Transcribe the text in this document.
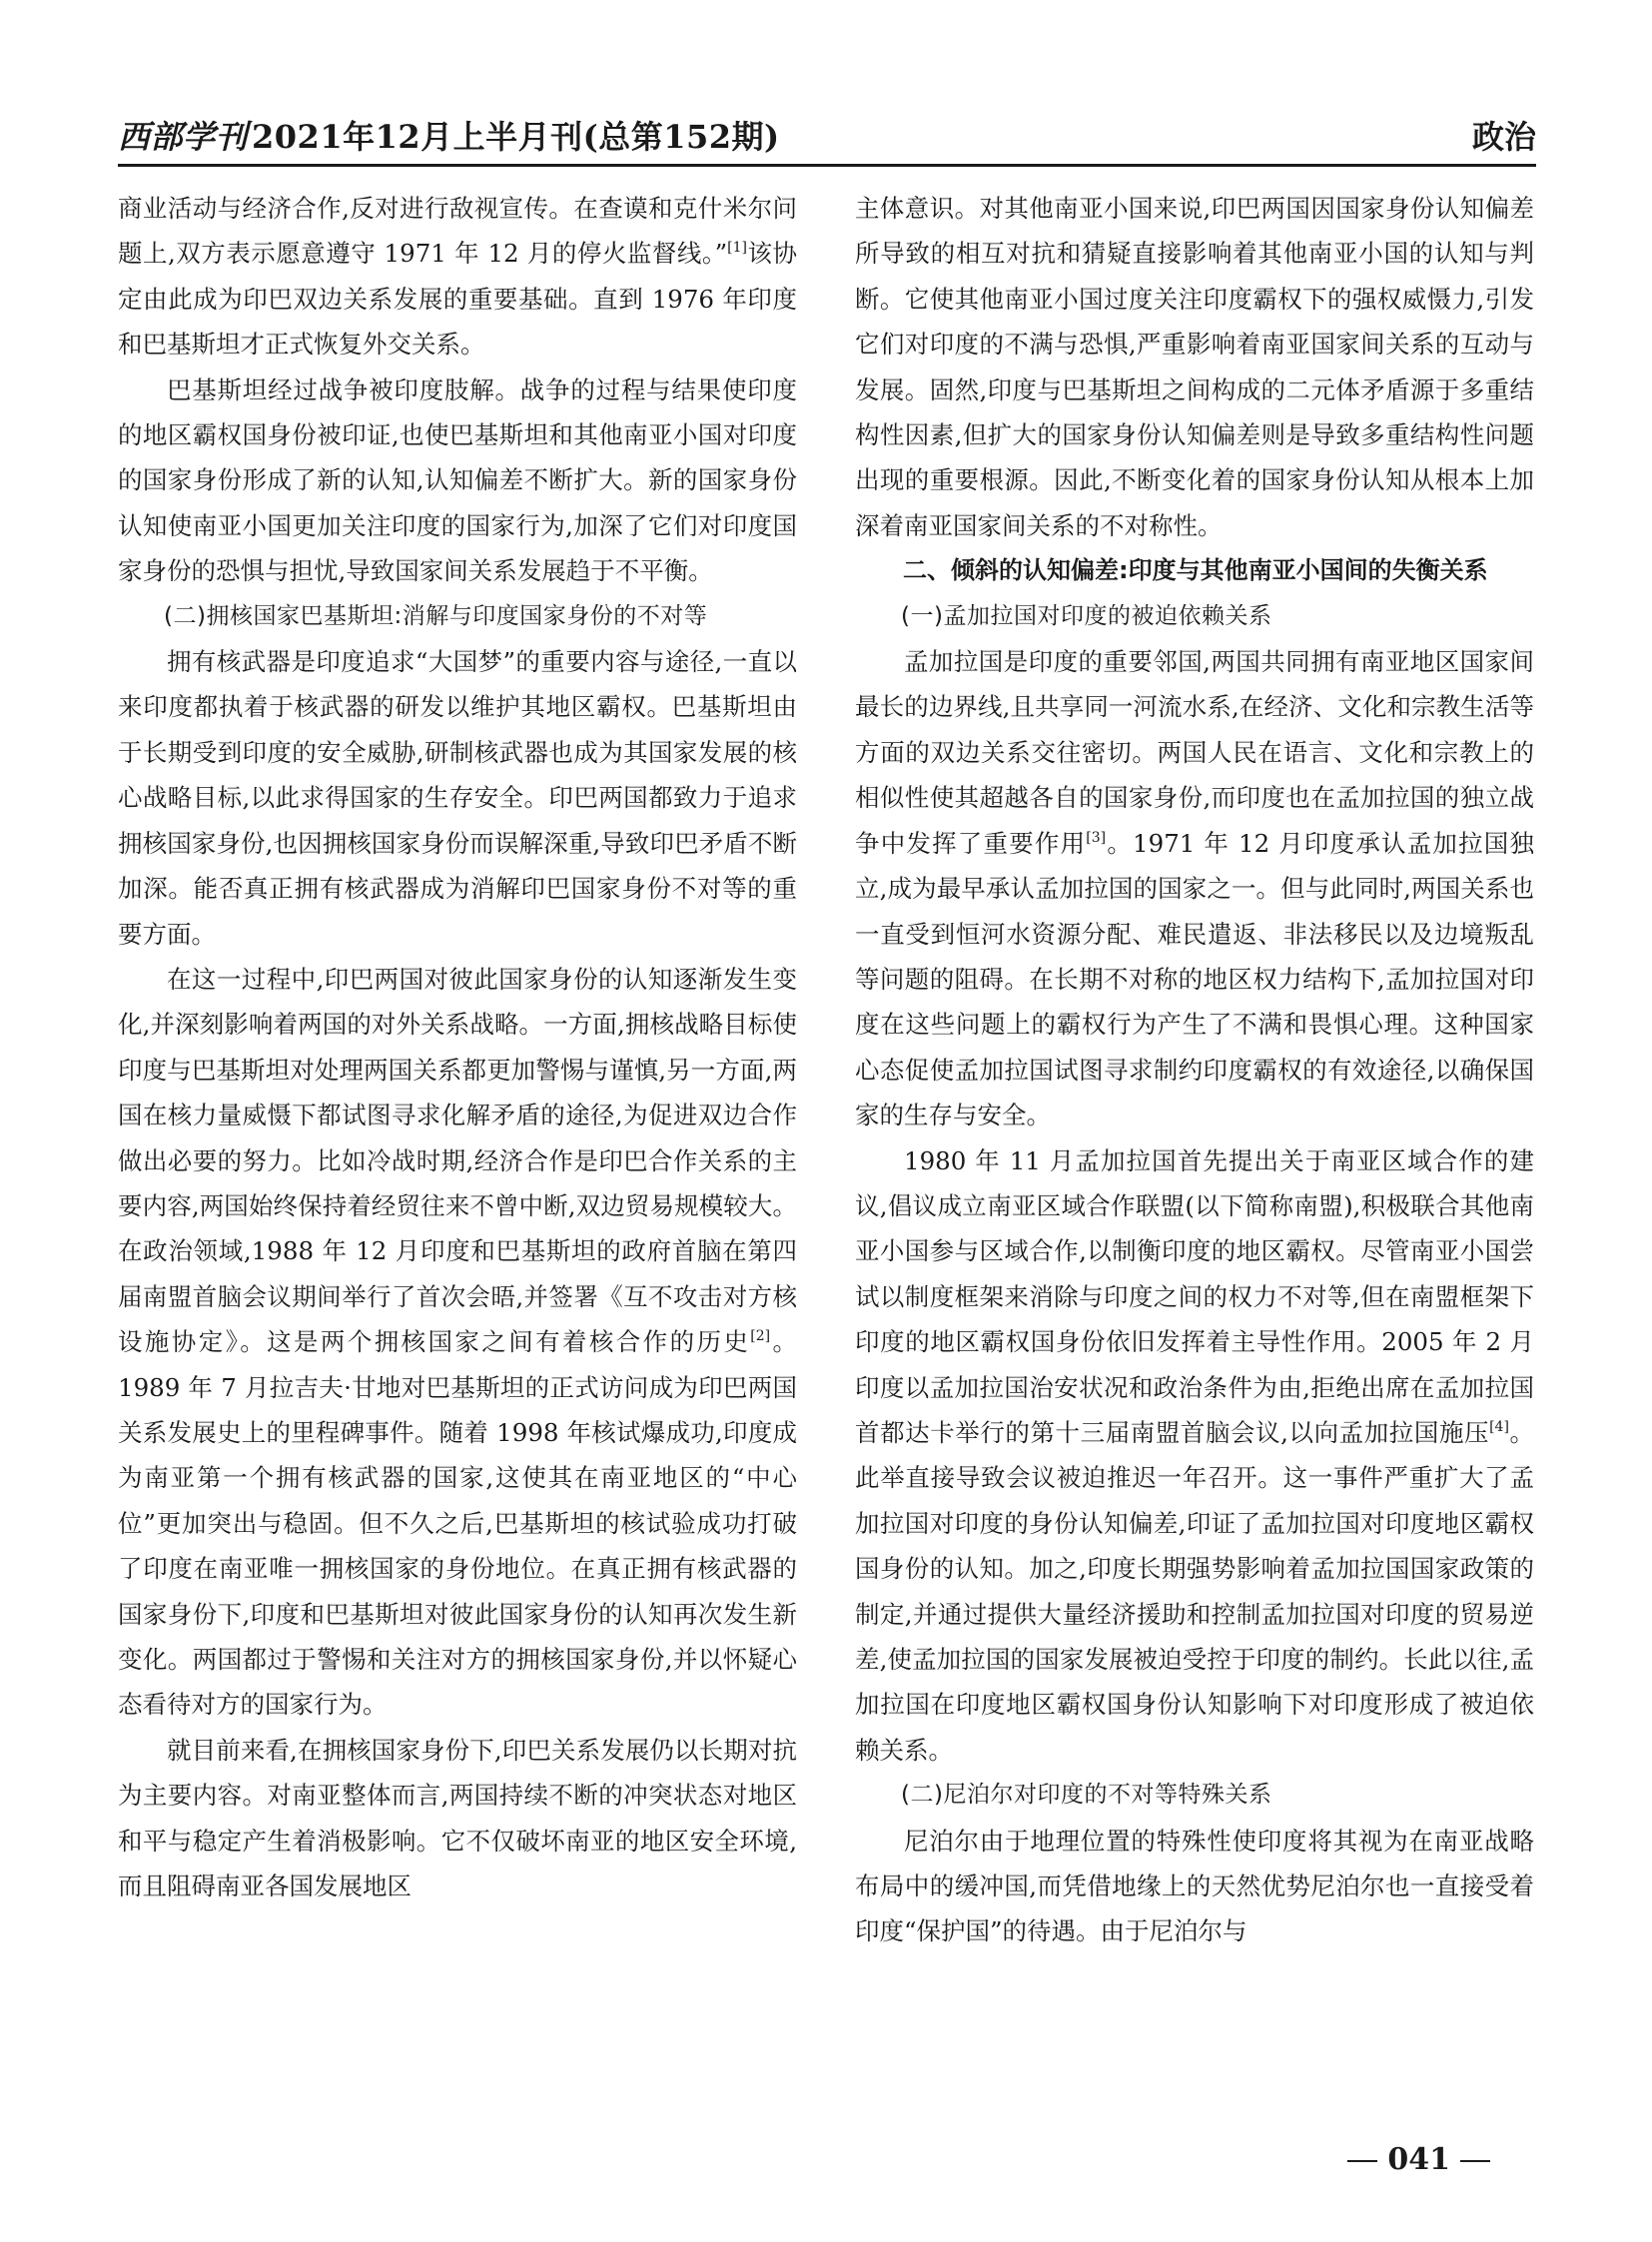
西部学刊 2021年12月上半月刊(总第152期)	政治

商业活动与经济合作,反对进行敌视宣传。在查谟和克什米尔问题上,双方表示愿意遵守 1971 年 12 月的停火监督线。”[1]该协定由此成为印巴双边关系发展的重要基础。直到 1976 年印度和巴基斯坦才正式恢复外交关系。

巴基斯坦经过战争被印度肢解。战争的过程与结果使印度的地区霸权国身份被印证,也使巴基斯坦和其他南亚小国对印度的国家身份形成了新的认知,认知偏差不断扩大。新的国家身份认知使南亚小国更加关注印度的国家行为,加深了它们对印度国家身份的恐惧与担忧,导致国家间关系发展趋于不平衡。

(二)拥核国家巴基斯坦:消解与印度国家身份的不对等

拥有核武器是印度追求“大国梦”的重要内容与途径,一直以来印度都执着于核武器的研发以维护其地区霸权。巴基斯坦由于长期受到印度的安全威胁,研制核武器也成为其国家发展的核心战略目标,以此求得国家的生存安全。印巴两国都致力于追求拥核国家身份,也因拥核国家身份而误解深重,导致印巴矛盾不断加深。能否真正拥有核武器成为消解印巴国家身份不对等的重要方面。

在这一过程中,印巴两国对彼此国家身份的认知逐渐发生变化,并深刻影响着两国的对外关系战略。一方面,拥核战略目标使印度与巴基斯坦对处理两国关系都更加警惕与谨慎,另一方面,两国在核力量威慑下都试图寻求化解矛盾的途径,为促进双边合作做出必要的努力。比如冷战时期,经济合作是印巴合作关系的主要内容,两国始终保持着经贸往来不曾中断,双边贸易规模较大。在政治领域,1988 年 12 月印度和巴基斯坦的政府首脑在第四届南盟首脑会议期间举行了首次会晤,并签署《互不攻击对方核设施协定》。这是两个拥核国家之间有着核合作的历史[2]。1989 年 7 月拉吉夫·甘地对巴基斯坦的正式访问成为印巴两国关系发展史上的里程碑事件。随着 1998 年核试爆成功,印度成为南亚第一个拥有核武器的国家,这使其在南亚地区的“中心位”更加突出与稳固。但不久之后,巴基斯坦的核试验成功打破了印度在南亚唯一拥核国家的身份地位。在真正拥有核武器的国家身份下,印度和巴基斯坦对彼此国家身份的认知再次发生新变化。两国都过于警惕和关注对方的拥核国家身份,并以怀疑心态看待对方的国家行为。

就目前来看,在拥核国家身份下,印巴关系发展仍以长期对抗为主要内容。对南亚整体而言,两国持续不断的冲突状态对地区和平与稳定产生着消极影响。它不仅破坏南亚的地区安全环境,而且阻碍南亚各国发展地区

主体意识。对其他南亚小国来说,印巴两国因国家身份认知偏差所导致的相互对抗和猜疑直接影响着其他南亚小国的认知与判断。它使其他南亚小国过度关注印度霸权下的强权威慑力,引发它们对印度的不满与恐惧,严重影响着南亚国家间关系的互动与发展。固然,印度与巴基斯坦之间构成的二元体矛盾源于多重结构性因素,但扩大的国家身份认知偏差则是导致多重结构性问题出现的重要根源。因此,不断变化着的国家身份认知从根本上加深着南亚国家间关系的不对称性。

二、倾斜的认知偏差:印度与其他南亚小国间的失衡关系

(一)孟加拉国对印度的被迫依赖关系

孟加拉国是印度的重要邻国,两国共同拥有南亚地区国家间最长的边界线,且共享同一河流水系,在经济、文化和宗教生活等方面的双边关系交往密切。两国人民在语言、文化和宗教上的相似性使其超越各自的国家身份,而印度也在孟加拉国的独立战争中发挥了重要作用[3]。1971 年 12 月印度承认孟加拉国独立,成为最早承认孟加拉国的国家之一。但与此同时,两国关系也一直受到恒河水资源分配、难民遣返、非法移民以及边境叛乱等问题的阻碍。在长期不对称的地区权力结构下,孟加拉国对印度在这些问题上的霸权行为产生了不满和畏惧心理。这种国家心态促使孟加拉国试图寻求制约印度霸权的有效途径,以确保国家的生存与安全。

1980 年 11 月孟加拉国首先提出关于南亚区域合作的建议,倡议成立南亚区域合作联盟(以下简称南盟),积极联合其他南亚小国参与区域合作,以制衡印度的地区霸权。尽管南亚小国尝试以制度框架来消除与印度之间的权力不对等,但在南盟框架下印度的地区霸权国身份依旧发挥着主导性作用。2005 年 2 月印度以孟加拉国治安状况和政治条件为由,拒绝出席在孟加拉国首都达卡举行的第十三届南盟首脑会议,以向孟加拉国施压[4]。此举直接导致会议被迫推迟一年召开。这一事件严重扩大了孟加拉国对印度的身份认知偏差,印证了孟加拉国对印度地区霸权国身份的认知。加之,印度长期强势影响着孟加拉国国家政策的制定,并通过提供大量经济援助和控制孟加拉国对印度的贸易逆差,使孟加拉国的国家发展被迫受控于印度的制约。长此以往,孟加拉国在印度地区霸权国身份认知影响下对印度形成了被迫依赖关系。

(二)尼泊尔对印度的不对等特殊关系

尼泊尔由于地理位置的特殊性使印度将其视为在南亚战略布局中的缓冲国,而凭借地缘上的天然优势尼泊尔也一直接受着印度“保护国”的待遇。由于尼泊尔与

041
